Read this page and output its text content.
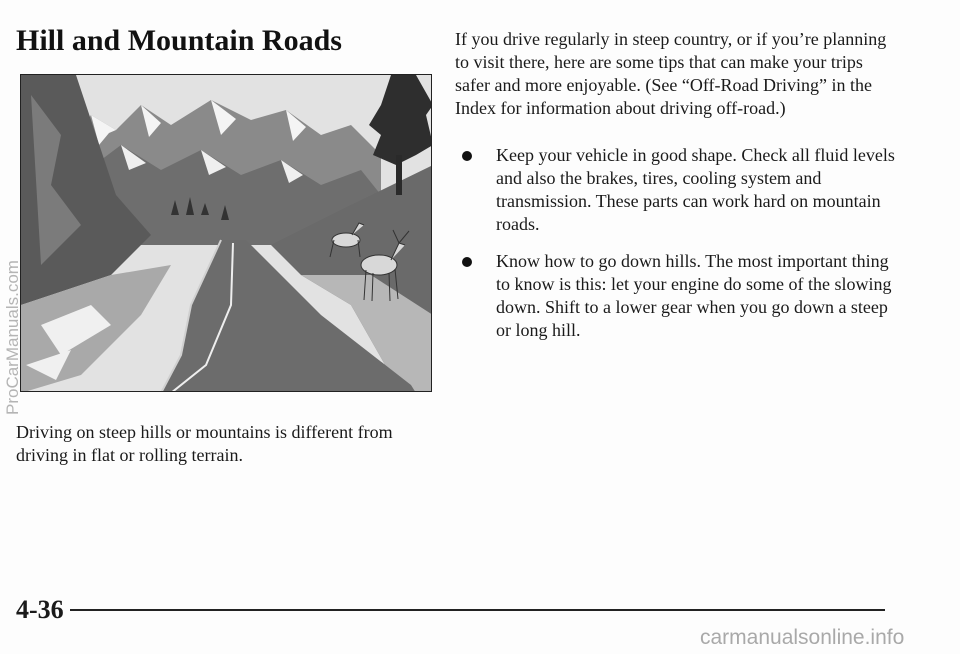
Hill and Mountain Roads

Driving on steep hills or mountains is different from driving in flat or rolling terrain.

If you drive regularly in steep country, or if you’re planning to visit there, here are some tips that can make your trips safer and more enjoyable. (See “Off-Road Driving” in the Index for information about driving off-road.)

Keep your vehicle in good shape. Check all fluid levels and also the brakes, tires, cooling system and transmission. These parts can work hard on mountain roads.
Know how to go down hills. The most important thing to know is this: let your engine do some of the slowing down. Shift to a lower gear when you go down a steep or long hill.
4-36
ProCarManuals.com
carmanualsonline.info
